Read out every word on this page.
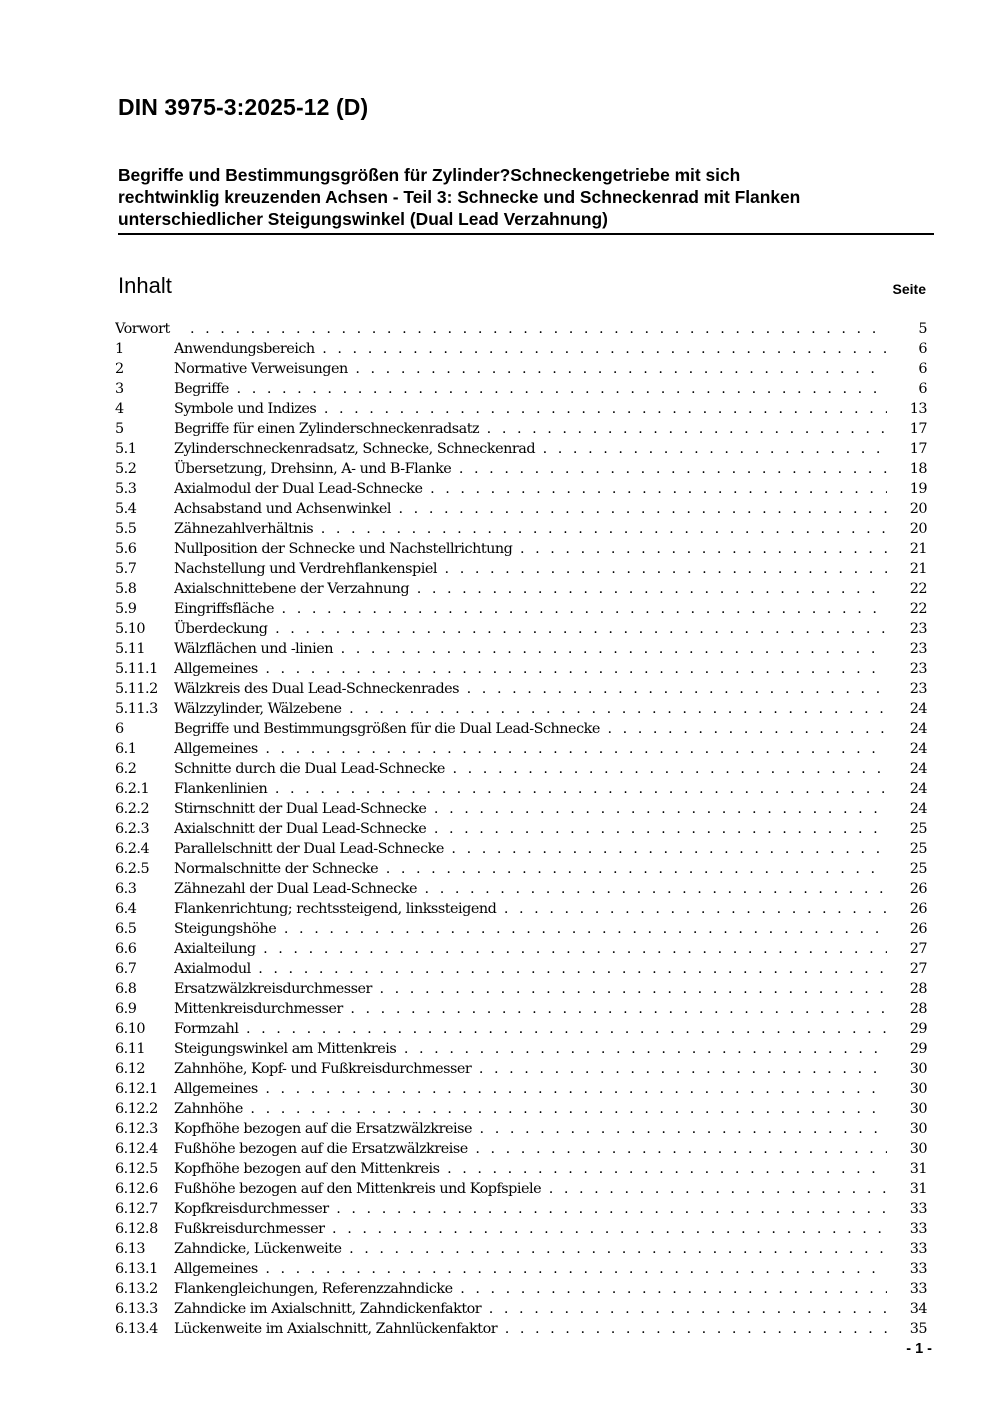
DIN 3975-3:2025-12 (D)
Begriffe und Bestimmungsgrößen für Zylinder?Schneckengetriebe mit sich
rechtwinklig kreuzenden Achsen - Teil 3: Schnecke und Schneckenrad mit Flanken
unterschiedlicher Steigungswinkel (Dual Lead Verzahnung)
Inhalt	Seite
Vorwort . . .	5
1	Anwendungsbereich . . .	6
2	Normative Verweisungen . . .	6
3	Begriffe . . .	6
4	Symbole und Indizes . . .	13
5	Begriffe für einen Zylinderschneckenradsatz . . .	17
5.1	Zylinderschneckenradsatz, Schnecke, Schneckenrad . . .	17
5.2	Übersetzung, Drehsinn, A- und B-Flanke . . .	18
5.3	Axialmodul der Dual Lead-Schnecke . . .	19
5.4	Achsabstand und Achsenwinkel . . .	20
5.5	Zähnezahlverhältnis . . .	20
5.6	Nullposition der Schnecke und Nachstellrichtung . . .	21
5.7	Nachstellung und Verdrehflankenspiel . . .	21
5.8	Axialschnittebene der Verzahnung . . .	22
5.9	Eingriffsfläche . . .	22
5.10	Überdeckung . . .	23
5.11	Wälzflächen und -linien . . .	23
5.11.1	Allgemeines . . .	23
5.11.2	Wälzkreis des Dual Lead-Schneckenrades . . .	23
5.11.3	Wälzzylinder, Wälzebene . . .	24
6	Begriffe und Bestimmungsgrößen für die Dual Lead-Schnecke . . .	24
6.1	Allgemeines . . .	24
6.2	Schnitte durch die Dual Lead-Schnecke . . .	24
6.2.1	Flankenlinien . . .	24
6.2.2	Stirnschnitt der Dual Lead-Schnecke . . .	24
6.2.3	Axialschnitt der Dual Lead-Schnecke . . .	25
6.2.4	Parallelschnitt der Dual Lead-Schnecke . . .	25
6.2.5	Normalschnitte der Schnecke . . .	25
6.3	Zähnezahl der Dual Lead-Schnecke . . .	26
6.4	Flankenrichtung; rechtssteigend, linkssteigend . . .	26
6.5	Steigungshöhe . . .	26
6.6	Axialteilung . . .	27
6.7	Axialmodul . . .	27
6.8	Ersatzwälzkreisdurchmesser . . .	28
6.9	Mittenkreisdurchmesser . . .	28
6.10	Formzahl . . .	29
6.11	Steigungswinkel am Mittenkreis . . .	29
6.12	Zahnhöhe, Kopf- und Fußkreisdurchmesser . . .	30
6.12.1	Allgemeines . . .	30
6.12.2	Zahnhöhe . . .	30
6.12.3	Kopfhöhe bezogen auf die Ersatzwälzkreise . . .	30
6.12.4	Fußhöhe bezogen auf die Ersatzwälzkreise . . .	30
6.12.5	Kopfhöhe bezogen auf den Mittenkreis . . .	31
6.12.6	Fußhöhe bezogen auf den Mittenkreis und Kopfspiele . . .	31
6.12.7	Kopfkreisdurchmesser . . .	33
6.12.8	Fußkreisdurchmesser . . .	33
6.13	Zahndicke, Lückenweite . . .	33
6.13.1	Allgemeines . . .	33
6.13.2	Flankengleichungen, Referenzzahndicke . . .	33
6.13.3	Zahndicke im Axialschnitt, Zahndickenfaktor . . .	34
6.13.4	Lückenweite im Axialschnitt, Zahnlückenfaktor . . .	35
- 1 -
